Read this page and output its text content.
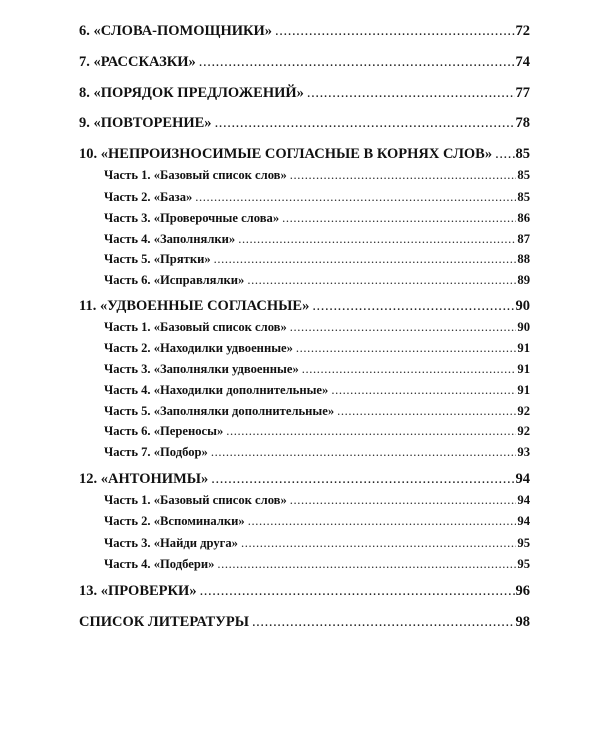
6. «СЛОВА-ПОМОЩНИКИ» .....	72
7. «РАССКАЗКИ» .....	74
8. «ПОРЯДОК ПРЕДЛОЖЕНИЙ» .....	77
9. «ПОВТОРЕНИЕ» .....	78
10. «НЕПРОИЗНОСИМЫЕ СОГЛАСНЫЕ В КОРНЯХ СЛОВ» ..... 85
Часть 1. «Базовый список слов» .....	85
Часть 2. «База» .....	85
Часть 3. «Проверочные слова» .....	86
Часть 4. «Заполнялки» .....	87
Часть 5. «Прятки» .....	88
Часть 6. «Исправлялки» .....	89
11. «УДВОЕННЫЕ СОГЛАСНЫЕ» .....	90
Часть 1. «Базовый список слов» .....	90
Часть 2. «Находилки удвоенные» .....	91
Часть 3. «Заполнялки удвоенные» .....	91
Часть 4. «Находилки дополнительные» .....	91
Часть 5. «Заполнялки дополнительные» .....	92
Часть 6. «Переносы» .....	92
Часть 7. «Подбор» .....	93
12. «АНТОНИМЫ» .....	94
Часть 1. «Базовый список слов» .....	94
Часть 2. «Вспоминалки» .....	94
Часть 3. «Найди друга» .....	95
Часть 4. «Подбери» .....	95
13. «ПРОВЕРКИ» .....	96
СПИСОК ЛИТЕРАТУРЫ .....	98
